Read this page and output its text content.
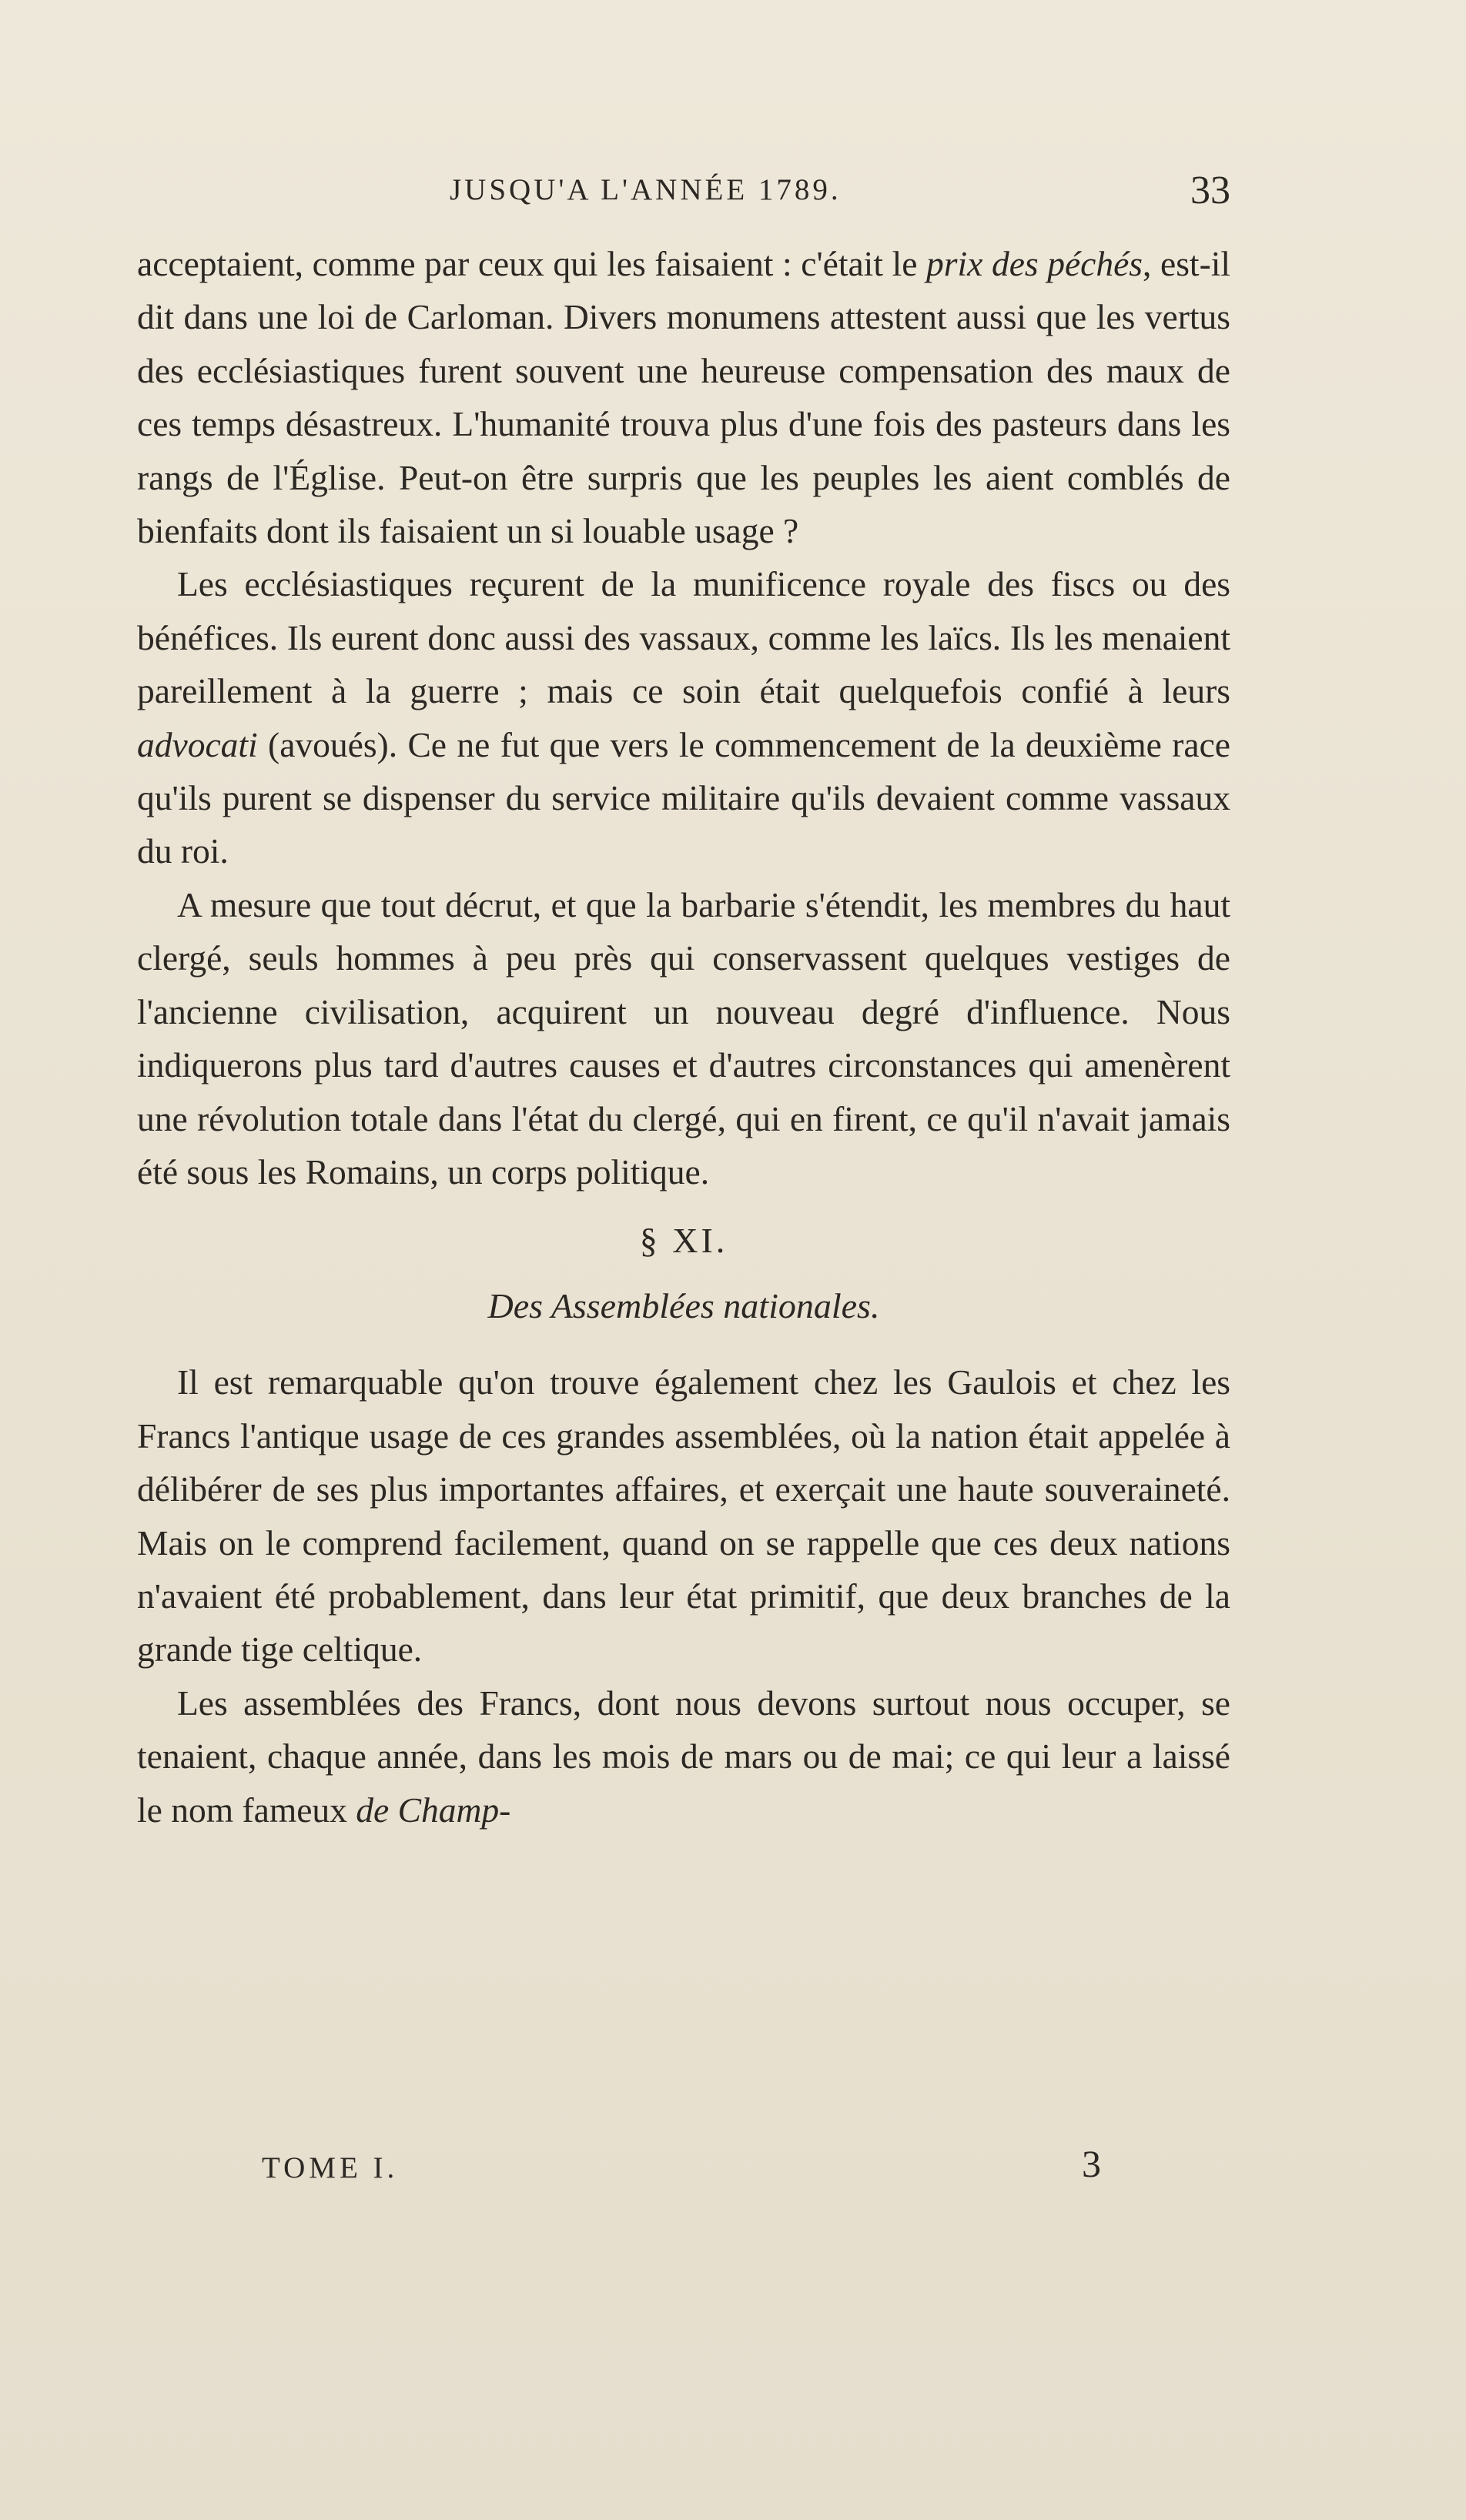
JUSQU'A L'ANNÉE 1789.	33

acceptaient, comme par ceux qui les faisaient : c'était le prix des péchés, est-il dit dans une loi de Carloman. Divers monumens attestent aussi que les vertus des ecclésiastiques furent souvent une heureuse compensation des maux de ces temps désastreux. L'humanité trouva plus d'une fois des pasteurs dans les rangs de l'Église. Peut-on être surpris que les peuples les aient comblés de bienfaits dont ils faisaient un si louable usage ?

Les ecclésiastiques reçurent de la munificence royale des fiscs ou des bénéfices. Ils eurent donc aussi des vassaux, comme les laïcs. Ils les menaient pareillement à la guerre ; mais ce soin était quelquefois confié à leurs advocati (avoués). Ce ne fut que vers le commencement de la deuxième race qu'ils purent se dispenser du service militaire qu'ils devaient comme vassaux du roi.

A mesure que tout décrut, et que la barbarie s'étendit, les membres du haut clergé, seuls hommes à peu près qui conservassent quelques vestiges de l'ancienne civilisation, acquirent un nouveau degré d'influence. Nous indiquerons plus tard d'autres causes et d'autres circonstances qui amenèrent une révolution totale dans l'état du clergé, qui en firent, ce qu'il n'avait jamais été sous les Romains, un corps politique.

§ XI.
Des Assemblées nationales.

Il est remarquable qu'on trouve également chez les Gaulois et chez les Francs l'antique usage de ces grandes assemblées, où la nation était appelée à délibérer de ses plus importantes affaires, et exerçait une haute souveraineté. Mais on le comprend facilement, quand on se rappelle que ces deux nations n'avaient été probablement, dans leur état primitif, que deux branches de la grande tige celtique.

Les assemblées des Francs, dont nous devons surtout nous occuper, se tenaient, chaque année, dans les mois de mars ou de mai; ce qui leur a laissé le nom fameux de Champ-

TOME I.	3
